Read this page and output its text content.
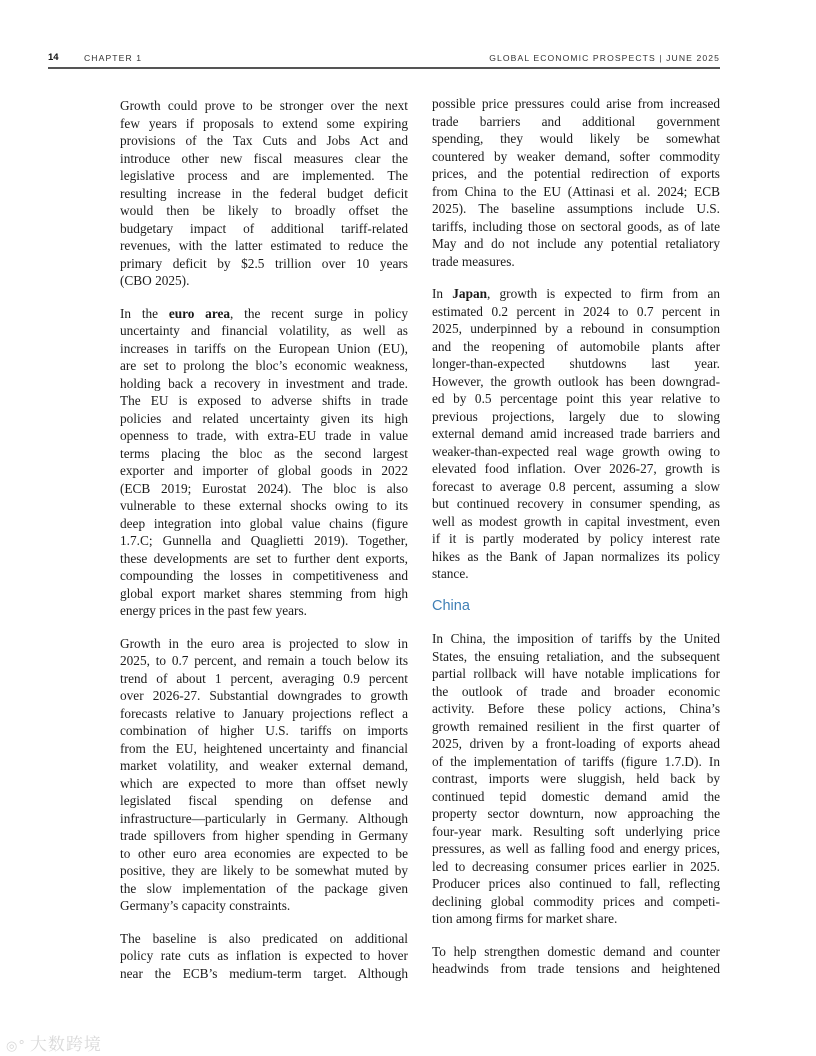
14	CHAPTER 1	GLOBAL ECONOMIC PROSPECTS | JUNE 2025
Growth could prove to be stronger over the next
few years if proposals to extend some expiring
provisions of the Tax Cuts and Jobs Act and
introduce other new fiscal measures clear the
legislative process and are implemented. The
resulting increase in the federal budget deficit
would then be likely to broadly offset the
budgetary impact of additional tariff-related
revenues, with the latter estimated to reduce the
primary deficit by $2.5 trillion over 10 years
(CBO 2025).
In the euro area, the recent surge in policy
uncertainty and financial volatility, as well as
increases in tariffs on the European Union (EU),
are set to prolong the bloc’s economic weakness,
holding back a recovery in investment and trade.
The EU is exposed to adverse shifts in trade
policies and related uncertainty given its high
openness to trade, with extra-EU trade in value
terms placing the bloc as the second largest
exporter and importer of global goods in 2022
(ECB 2019; Eurostat 2024). The bloc is also
vulnerable to these external shocks owing to its
deep integration into global value chains (figure
1.7.C; Gunnella and Quaglietti 2019). Together,
these developments are set to further dent exports,
compounding the losses in competitiveness and
global export market shares stemming from high
energy prices in the past few years.
Growth in the euro area is projected to slow in
2025, to 0.7 percent, and remain a touch below its
trend of about 1 percent, averaging 0.9 percent
over 2026-27. Substantial downgrades to growth
forecasts relative to January projections reflect a
combination of higher U.S. tariffs on imports
from the EU, heightened uncertainty and financial
market volatility, and weaker external demand,
which are expected to more than offset newly
legislated fiscal spending on defense and
infrastructure—particularly in Germany. Although
trade spillovers from higher spending in Germany
to other euro area economies are expected to be
positive, they are likely to be somewhat muted by
the slow implementation of the package given
Germany’s capacity constraints.
The baseline is also predicated on additional
policy rate cuts as inflation is expected to hover
near the ECB’s medium-term target. Although
possible price pressures could arise from increased
trade barriers and additional government
spending, they would likely be somewhat
countered by weaker demand, softer commodity
prices, and the potential redirection of exports
from China to the EU (Attinasi et al. 2024; ECB
2025). The baseline assumptions include U.S.
tariffs, including those on sectoral goods, as of late
May and do not include any potential retaliatory
trade measures.
In Japan, growth is expected to firm from an
estimated 0.2 percent in 2024 to 0.7 percent in
2025, underpinned by a rebound in consumption
and the reopening of automobile plants after
longer-than-expected shutdowns last year.
However, the growth outlook has been downgrad-
ed by 0.5 percentage point this year relative to
previous projections, largely due to slowing
external demand amid increased trade barriers and
weaker-than-expected real wage growth owing to
elevated food inflation. Over 2026-27, growth is
forecast to average 0.8 percent, assuming a slow
but continued recovery in consumer spending, as
well as modest growth in capital investment, even
if it is partly moderated by policy interest rate
hikes as the Bank of Japan normalizes its policy
stance.
China
In China, the imposition of tariffs by the United
States, the ensuing retaliation, and the subsequent
partial rollback will have notable implications for
the outlook of trade and broader economic
activity. Before these policy actions, China’s
growth remained resilient in the first quarter of
2025, driven by a front-loading of exports ahead
of the implementation of tariffs (figure 1.7.D). In
contrast, imports were sluggish, held back by
continued tepid domestic demand amid the
property sector downturn, now approaching the
four-year mark. Resulting soft underlying price
pressures, as well as falling food and energy prices,
led to decreasing consumer prices earlier in 2025.
Producer prices also continued to fall, reflecting
declining global commodity prices and competi-
tion among firms for market share.
To help strengthen domestic demand and counter
headwinds from trade tensions and heightened
◎° 大数跨境
